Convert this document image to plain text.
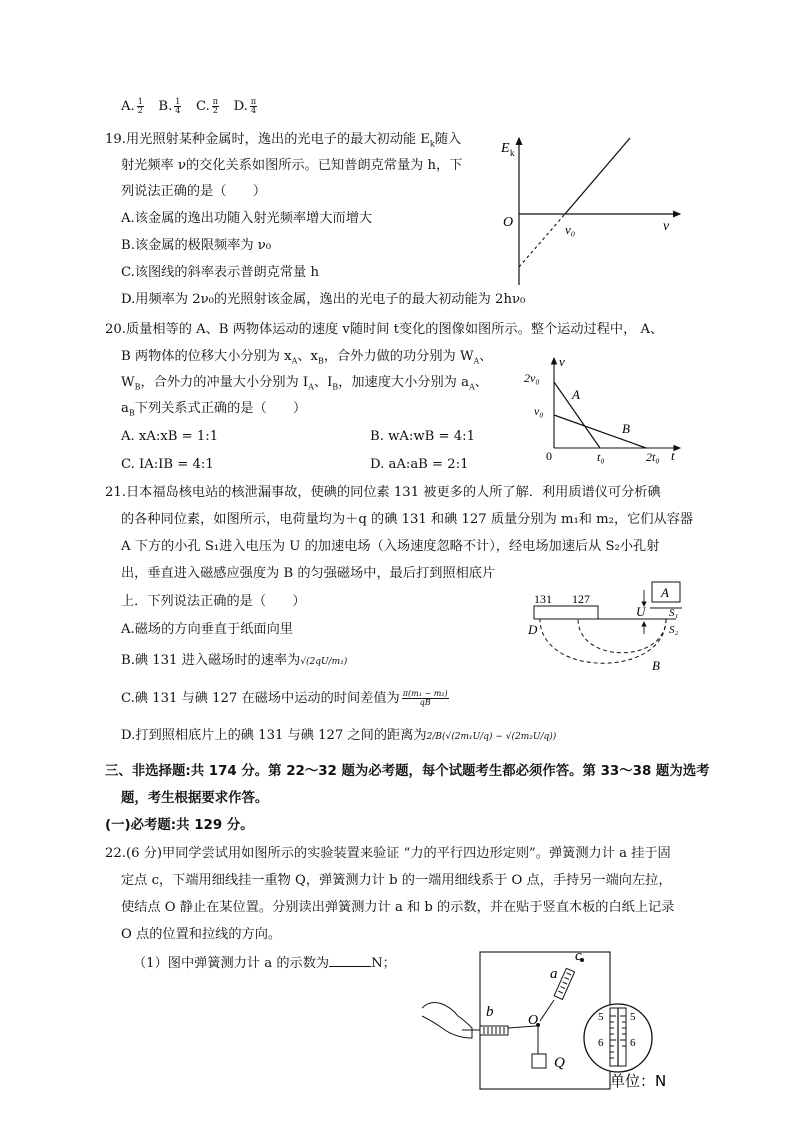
A. $\frac{1}{2} B$. $\frac{1}{4} C$. $\frac{\pi}{2} D$. $\frac{\pi}{4}$
19.用光照射某种金属时，逸出的光电子的最大初动能 $E_k$随入
射光频率 ν的交化关系如图所示。已知普朗克常量为 h，下
列说法正确的是（　　）
A.该金属的逸出功随入射光频率增大而增大
B.该金属的极限频率为 ν₀
C.该图线的斜率表示普朗克常量 h
D.用频率为 2ν₀的光照射该金属，逸出的光电子的最大初动能为 2hν₀
E k
O	ν₀	ν
20.质量相等的 A、B 两物体运动的速度 v随时间 t变化的图像如图所示。整个运动过程中， A、
B 两物体的位移大小分别为 $x_A$、$x_B$，合外力做的功分别为 $W_A$、
$W_B$，合外力的冲量大小分别为 $I_A$、$I_B$，加速度大小分别为 $a_A$、
$a_B$下列关系式正确的是（　　）
A. xA:xB = 1:1	B. wA:wB = 4:1
C. IA:IB = 4:1	D. aA:aB = 2:1
v
2v₀
v₀
0	t₀	2t₀ t
A
B
21.日本福岛核电站的核泄漏事故，使碘的同位素 131 被更多的人所了解．利用质谱仪可分析碘
的各种同位素，如图所示，电荷量均为＋q 的碘 131 和碘 127 质量分别为 m₁和 m₂，它们从容器
A 下方的小孔 S₁进入电压为 U 的加速电场（入场速度忽略不计），经电场加速后从 S₂小孔射
出，垂直进入磁感应强度为 B 的匀强磁场中，最后打到照相底片
上．下列说法正确的是（　　）
A.磁场的方向垂直于纸面向里
B.碘 131 进入磁场时的速率为√(2qU/m₁)
C.碘 131 与碘 127 在磁场中运动的时间差值为 $\frac{\text{π(m₁ − m₂)}}{qB}$
D.打到照相底片上的碘 131 与碘 127 之间的距离为2/B(√(2m₁U/q) − √(2m₂U/q))
131 127	A
U S₁
S₂
D
B
三、非选择题:共 174 分。第 22～32 题为必考题，每个试题考生都必须作答。第 33～38 题为选考
题，考生根据要求作答。
(一)必考题:共 129 分。
22.(6 分)甲同学尝试用如图所示的实验装置来验证 “力的平行四边形定则”。弹簧测力计 a 挂于固
定点 c，下端用细线挂一重物 Q，弹簧测力计 b 的一端用细线系于 O 点，手持另一端向左拉，
使结点 O 静止在某位置。分别读出弹簧测力计 a 和 b 的示数，并在贴于竖直木板的白纸上记录
O 点的位置和拉线的方向。
（1）图中弹簧测力计 a 的示数为	N；	c
a
O
Q
b	5 5
6 6
单位：N
